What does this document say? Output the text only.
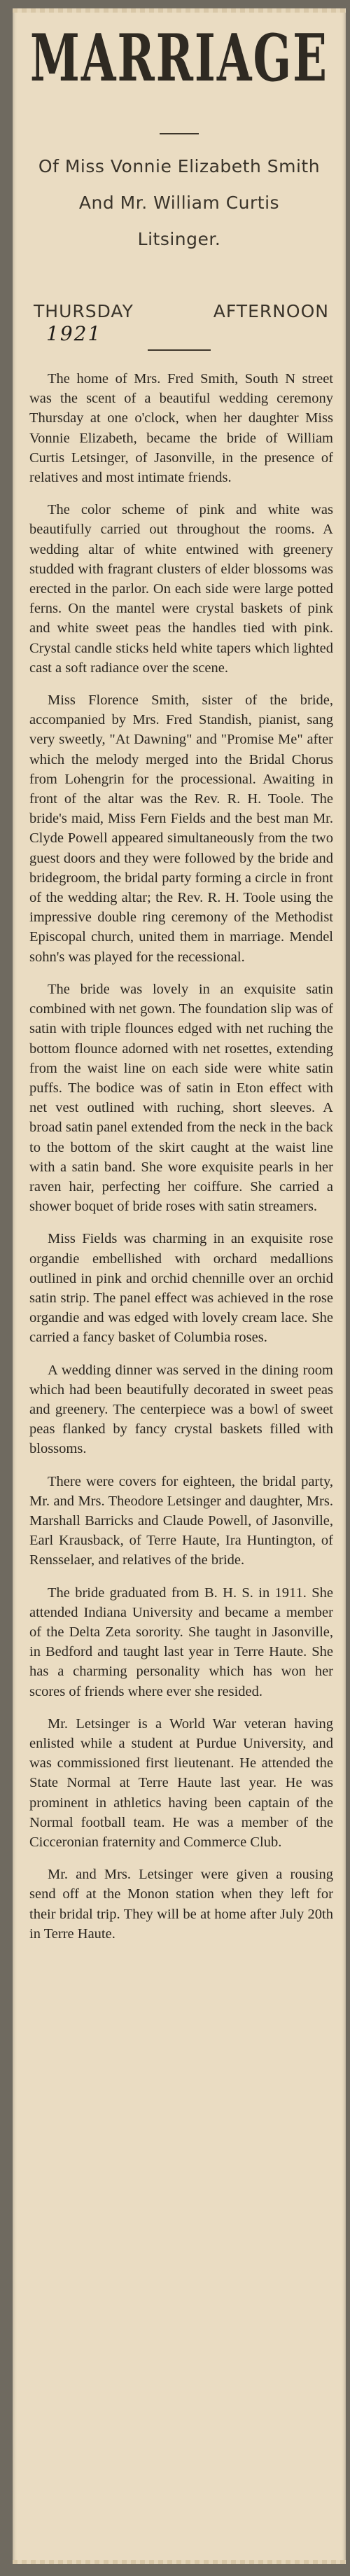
MARRIAGE
Of Miss Vonnie Elizabeth Smith
And Mr. William Curtis
Litsinger.
1921
THURSDAY	AFTERNOON

The home of Mrs. Fred Smith, South N street was the scent of a beautiful wedding ceremony Thursday at one o'clock, when her daughter Miss Vonnie Elizabeth, became the bride of William Curtis Letsinger, of Jasonville, in the presence of relatives and most intimate friends.

The color scheme of pink and white was beautifully carried out throughout the rooms. A wedding altar of white entwined with greenery studded with fragrant clusters of elder blossoms was erected in the parlor. On each side were large potted ferns. On the mantel were crystal baskets of pink and white sweet peas the handles tied with pink. Crystal candle sticks held white tapers which lighted cast a soft radiance over the scene.

Miss Florence Smith, sister of the bride, accompanied by Mrs. Fred Standish, pianist, sang very sweetly, "At Dawning" and "Promise Me" after which the melody merged into the Bridal Chorus from Lohengrin for the processional. Awaiting in front of the altar was the Rev. R. H. Toole. The bride's maid, Miss Fern Fields and the best man Mr. Clyde Powell appeared simultaneously from the two guest doors and they were followed by the bride and bridegroom, the bridal party forming a circle in front of the wedding altar; the Rev. R. H. Toole using the impressive double ring ceremony of the Methodist Episcopal church, united them in marriage. Mendel sohn's was played for the recessional.

The bride was lovely in an exquisite satin combined with net gown. The foundation slip was of satin with triple flounces edged with net ruching the bottom flounce adorned with net rosettes, extending from the waist line on each side were white satin puffs. The bodice was of satin in Eton effect with net vest outlined with ruching, short sleeves. A broad satin panel extended from the neck in the back to the bottom of the skirt caught at the waist line with a satin band. She wore exquisite pearls in her raven hair, perfecting her coiffure. She carried a shower boquet of bride roses with satin streamers.

Miss Fields was charming in an exquisite rose organdie embellished with orchard medallions outlined in pink and orchid chennille over an orchid satin strip. The panel effect was achieved in the rose organdie and was edged with lovely cream lace. She carried a fancy basket of Columbia roses.

A wedding dinner was served in the dining room which had been beautifully decorated in sweet peas and greenery. The centerpiece was a bowl of sweet peas flanked by fancy crystal baskets filled with blossoms.

There were covers for eighteen, the bridal party, Mr. and Mrs. Theodore Letsinger and daughter, Mrs. Marshall Barricks and Claude Powell, of Jasonville, Earl Krausback, of Terre Haute, Ira Huntington, of Rensselaer, and relatives of the bride.

The bride graduated from B. H. S. in 1911. She attended Indiana University and became a member of the Delta Zeta sorority. She taught in Jasonville, in Bedford and taught last year in Terre Haute. She has a charming personality which has won her scores of friends where ever she resided.

Mr. Letsinger is a World War veteran having enlisted while a student at Purdue University, and was commissioned first lieutenant. He attended the State Normal at Terre Haute last year. He was prominent in athletics having been captain of the Normal football team. He was a member of the Cicceronian fraternity and Commerce Club.

Mr. and Mrs. Letsinger were given a rousing send off at the Monon station when they left for their bridal trip. They will be at home after July 20th in Terre Haute.
